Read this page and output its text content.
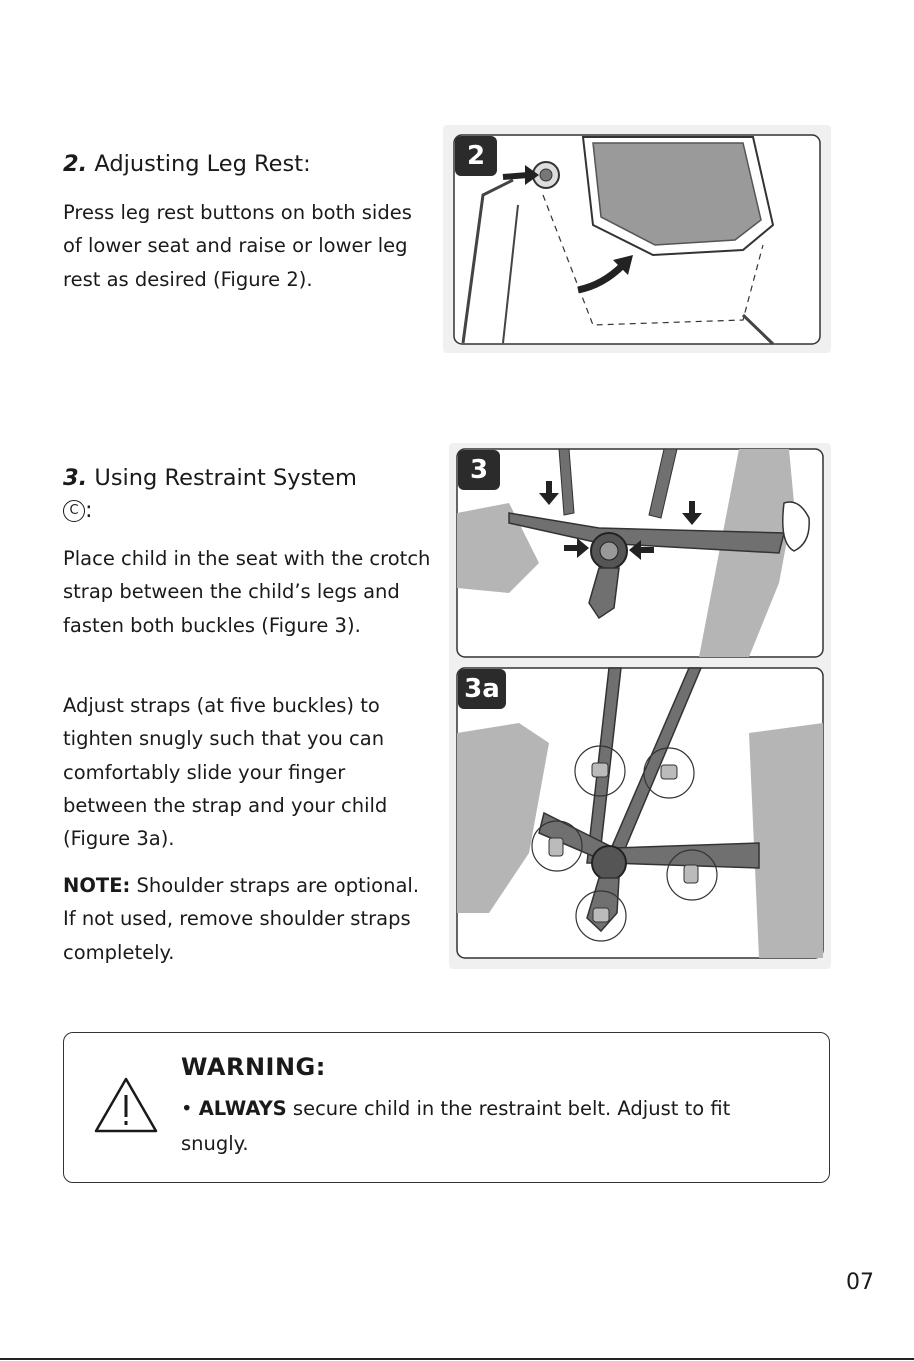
2. Adjusting Leg Rest:

Press leg rest buttons on both sides of lower seat and raise or lower leg rest as desired (Figure 2).

2
3. Using Restraint System
C :

Place child in the seat with the crotch strap between the child’s legs and fasten both buckles (Figure 3).

Adjust straps (at five buckles) to tighten snugly such that you can comfortably slide your finger between the strap and your child (Figure 3a).

NOTE: Shoulder straps are optional. If not used, remove shoulder straps completely.

3
3a
WARNING:

• ALWAYS secure child in the restraint belt. Adjust to fit snugly.

07
